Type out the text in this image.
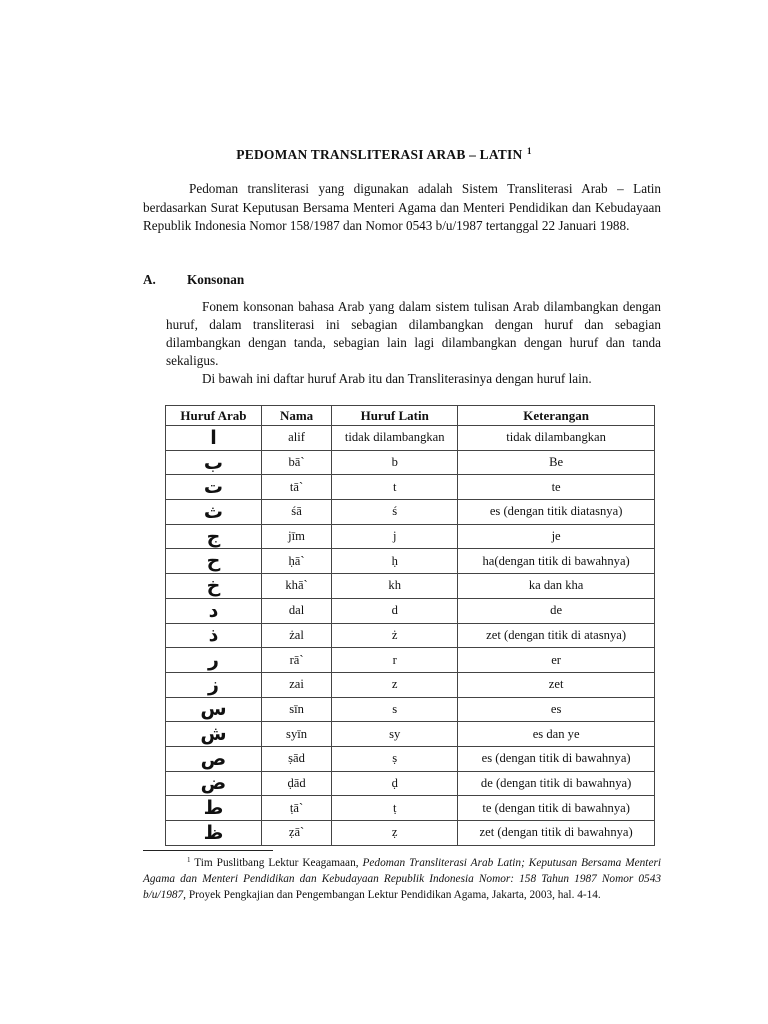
PEDOMAN TRANSLITERASI ARAB – LATIN $^1$

Pedoman transliterasi yang digunakan adalah Sistem Transliterasi Arab – Latin berdasarkan Surat Keputusan Bersama Menteri Agama dan Menteri Pendidikan dan Kebudayaan Republik Indonesia Nomor 158/1987 dan Nomor 0543 b/u/1987 tertanggal 22 Januari 1988.

A. Konsonan

Fonem konsonan bahasa Arab yang dalam sistem tulisan Arab dilambangkan dengan huruf, dalam transliterasi ini sebagian dilambangkan dengan huruf dan sebagian dilambangkan dengan tanda, sebagian lain lagi dilambangkan dengan huruf dan tanda sekaligus.

Di bawah ini daftar huruf Arab itu dan Transliterasinya dengan huruf lain.

Huruf Arab	Nama	Huruf Latin	Keterangan
ا	alif	tidak dilambangkan	tidak dilambangkan
ب	bā`	b	Be
ت	tā`	t	te
ث	śā	ś	es (dengan titik diatasnya)
ج	jīm	j	je
ح	ḥā`	ḥ	ha(dengan titik di bawahnya)
خ	khā`	kh	ka dan kha
د	dal	d	de
ذ	żal	ż	zet (dengan titik di atasnya)
ر	rā`	r	er
ز	zai	z	zet
س	sīn	s	es
ش	syīn	sy	es dan ye
ص	ṣād	ṣ	es (dengan titik di bawahnya)
ض	ḍād	ḍ	de (dengan titik di bawahnya)
ط	ṭā`	ṭ	te (dengan titik di bawahnya)
ظ	ẓā`	ẓ	zet (dengan titik di bawahnya)

$^1$ Tim Puslitbang Lektur Keagamaan, Pedoman Transliterasi Arab Latin; Keputusan Bersama Menteri Agama dan Menteri Pendidikan dan Kebudayaan Republik Indonesia Nomor: 158 Tahun 1987 Nomor 0543 b/u/1987, Proyek Pengkajian dan Pengembangan Lektur Pendidikan Agama, Jakarta, 2003, hal. 4-14.
